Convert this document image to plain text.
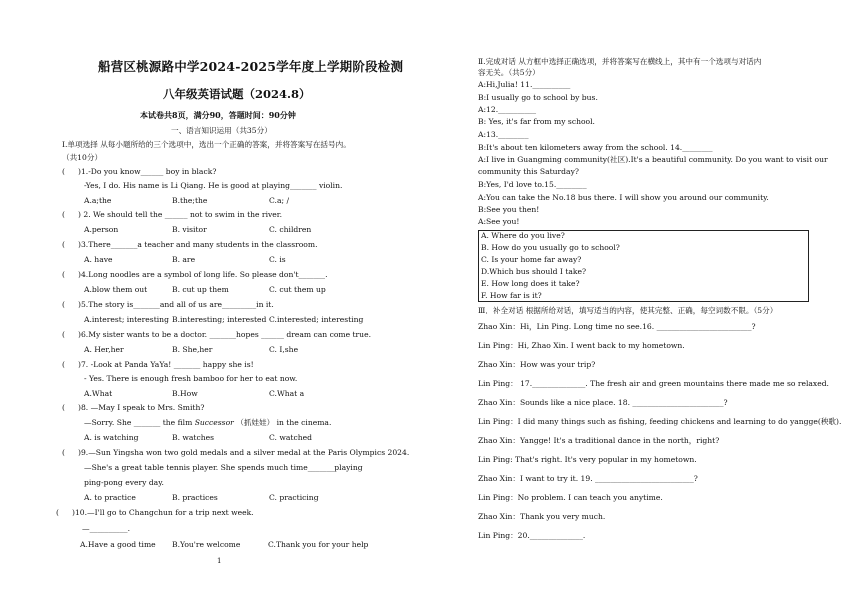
船营区桃源路中学2024-2025学年度上学期阶段检测
八年级英语试题（2024.8）
本试卷共8页，满分90，答题时间：90分钟
一、语言知识运用（共35分）
Ⅰ.单项选择 从每小题所给的三个选项中，选出一个正确的答案，并将答案写在括号内。
（共10分）
( )1.-Do you know______ boy in black?
-Yes, I do. His name is Li Qiang. He is good at playing_______ violin.
A.a;the	B.the;the	C.a; /
( ) 2. We should tell the ______ not to swim in the river.
A.person	B. visitor	C. children
( )3.There_______a teacher and many students in the classroom.
A. have	B. are	C. is
( )4.Long noodles are a symbol of long life. So please don't_______.
A.blow them out	B. cut up them	C. cut them up
( )5.The story is_______and all of us are_________in it.
A.interest; interesting B.interesting; interested C.interested; interesting
( )6.My sister wants to be a doctor. _______hopes ______ dream can come true.
A. Her,her	B. She,her	C. I,she
( )7. -Look at Panda YaYa! _______ happy she is!
- Yes. There is enough fresh bamboo for her to eat now.
A.What	B.How	C.What a
( )8. —May I speak to Mrs. Smith?
—Sorry. She _______ the film Successor （抓娃娃） in the cinema.
A. is watching	B. watches	C. watched
( )9.—Sun Yingsha won two gold medals and a silver medal at the Paris Olympics 2024.
—She's a great table tennis player. She spends much time_______playing
ping-pong every day.
A. to practice	B. practices	C. practicing
( )10.—I'll go to Changchun for a trip next week.
—__________.
A.Have a good time B.You're welcome	C.Thank you for your help
1
Ⅱ.完成对话 从方框中选择正确选项，并将答案写在横线上，其中有一个选项与对话内
容无关。（共5分）
A:Hi,Julia! 11.__________
B:I usually go to school by bus.
A:12.__________
B: Yes, it's far from my school.
A:13.________
B:It's about ten kilometers away from the school. 14.________
A:I live in Guangming community(社区).It's a beautiful community. Do you want to visit our
community this Saturday?
B:Yes, I'd love to.15.________
A:You can take the No.18 bus there. I will show you around our community.
B:See you then!
A:See you!
A. Where do you live?
B. How do you usually go to school?
C. Is your home far away?
D.Which bus should I take?
E. How long does it take?
F. How far is it?
Ⅲ．补全对话 根据所给对话，填写适当的内容，使其完整、正确，每空词数不限。（5分）
Zhao Xin：Hi，Lin Ping. Long time no see.16. _________________________?
Lin Ping：Hi, Zhao Xin. I went back to my hometown.
Zhao Xin：How was your trip?
Lin Ping： 17.______________. The fresh air and green mountains there made me so relaxed.
Zhao Xin：Sounds like a nice place. 18. ________________________?
Lin Ping：I did many things such as fishing, feeding chickens and learning to do yangge(秧歌).
Zhao Xin：Yangge! It's a traditional dance in the north，right?
Lin Ping: That's right. It's very popular in my hometown.
Zhao Xin：I want to try it. 19. __________________________?
Lin Ping：No problem. I can teach you anytime.
Zhao Xin：Thank you very much.
Lin Ping：20.______________.
